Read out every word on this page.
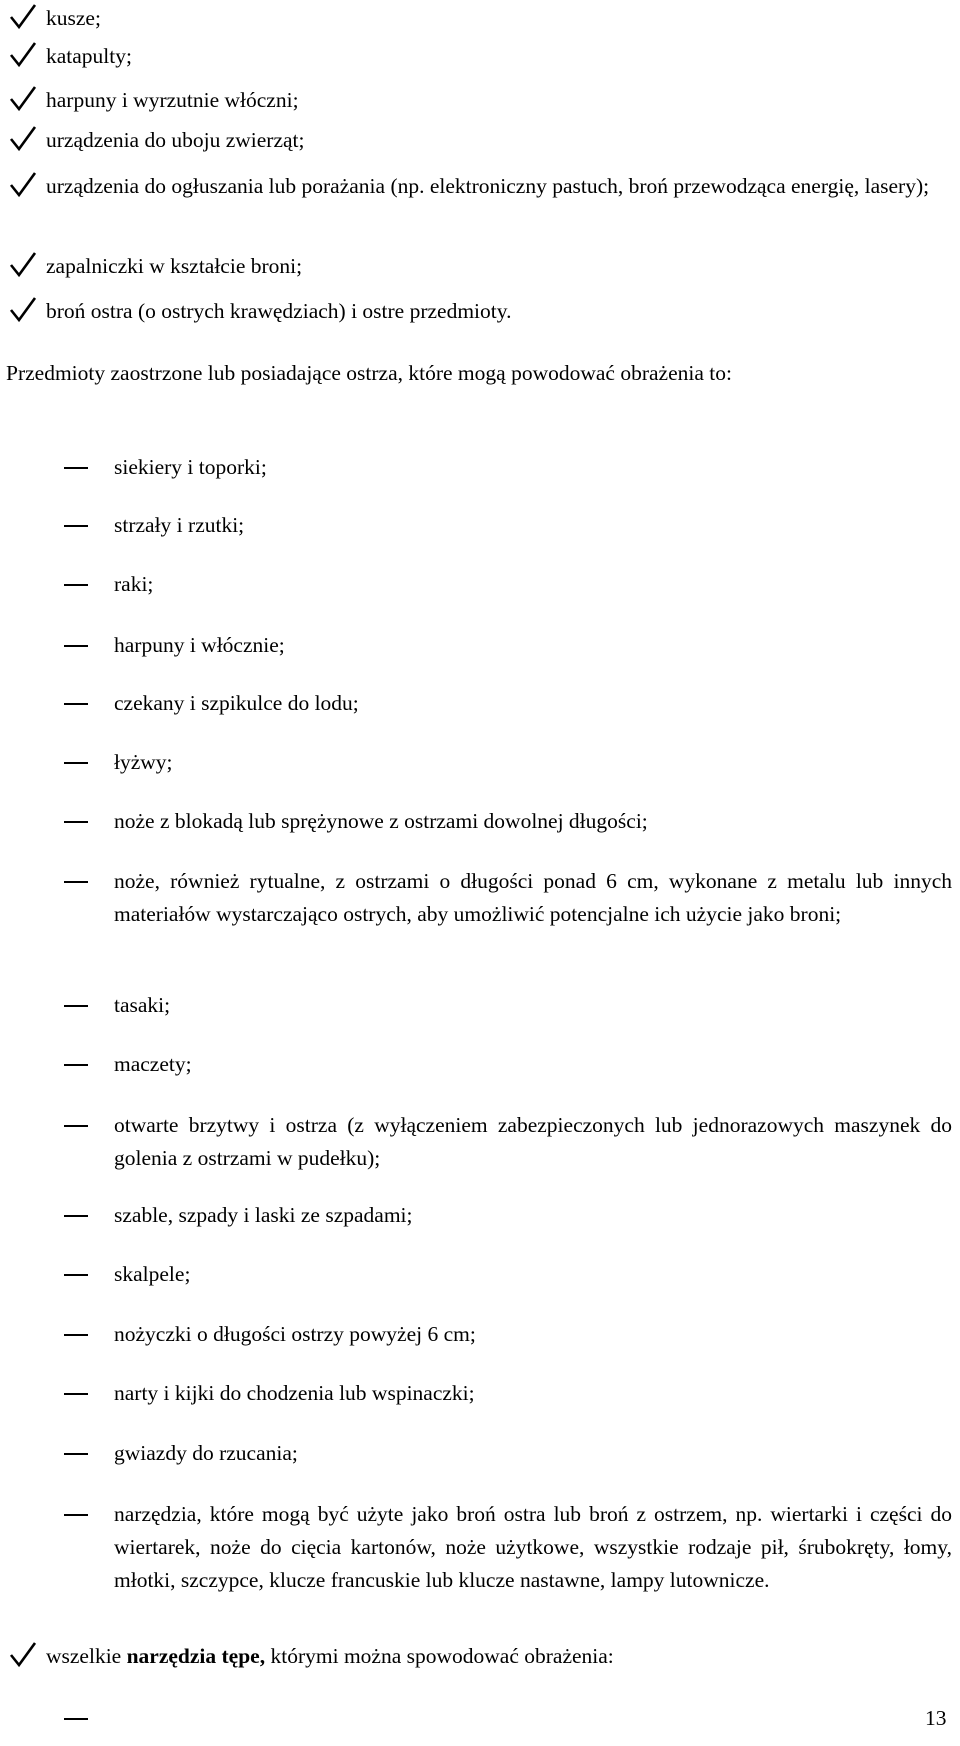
kusze;
katapulty;
harpuny i wyrzutnie włóczni;
urządzenia do uboju zwierząt;
urządzenia do ogłuszania lub porażania (np. elektroniczny pastuch, broń przewodząca energię, lasery);
zapalniczki w kształcie broni;
broń ostra (o ostrych krawędziach) i ostre przedmioty.
Przedmioty zaostrzone lub posiadające ostrza, które mogą powodować obrażenia to:
siekiery i toporki;
strzały i rzutki;
raki;
harpuny i włócznie;
czekany i szpikulce do lodu;
łyżwy;
noże z blokadą lub sprężynowe z ostrzami dowolnej długości;
noże, również rytualne, z ostrzami o długości ponad 6 cm, wykonane z metalu lub innych materiałów wystarczająco ostrych, aby umożliwić potencjalne ich użycie jako broni;
tasaki;
maczety;
otwarte brzytwy i ostrza (z wyłączeniem zabezpieczonych lub jednorazowych maszynek do golenia z ostrzami w pudełku);
szable, szpady i laski ze szpadami;
skalpele;
nożyczki o długości ostrzy powyżej 6 cm;
narty i kijki do chodzenia lub wspinaczki;
gwiazdy do rzucania;
narzędzia, które mogą być użyte jako broń ostra lub broń z ostrzem, np. wiertarki i części do wiertarek, noże do cięcia kartonów, noże użytkowe, wszystkie rodzaje pił, śrubokręty, łomy, młotki, szczypce, klucze francuskie lub klucze nastawne, lampy lutownicze.
wszelkie narzędzia tępe, którymi można spowodować obrażenia:
13
